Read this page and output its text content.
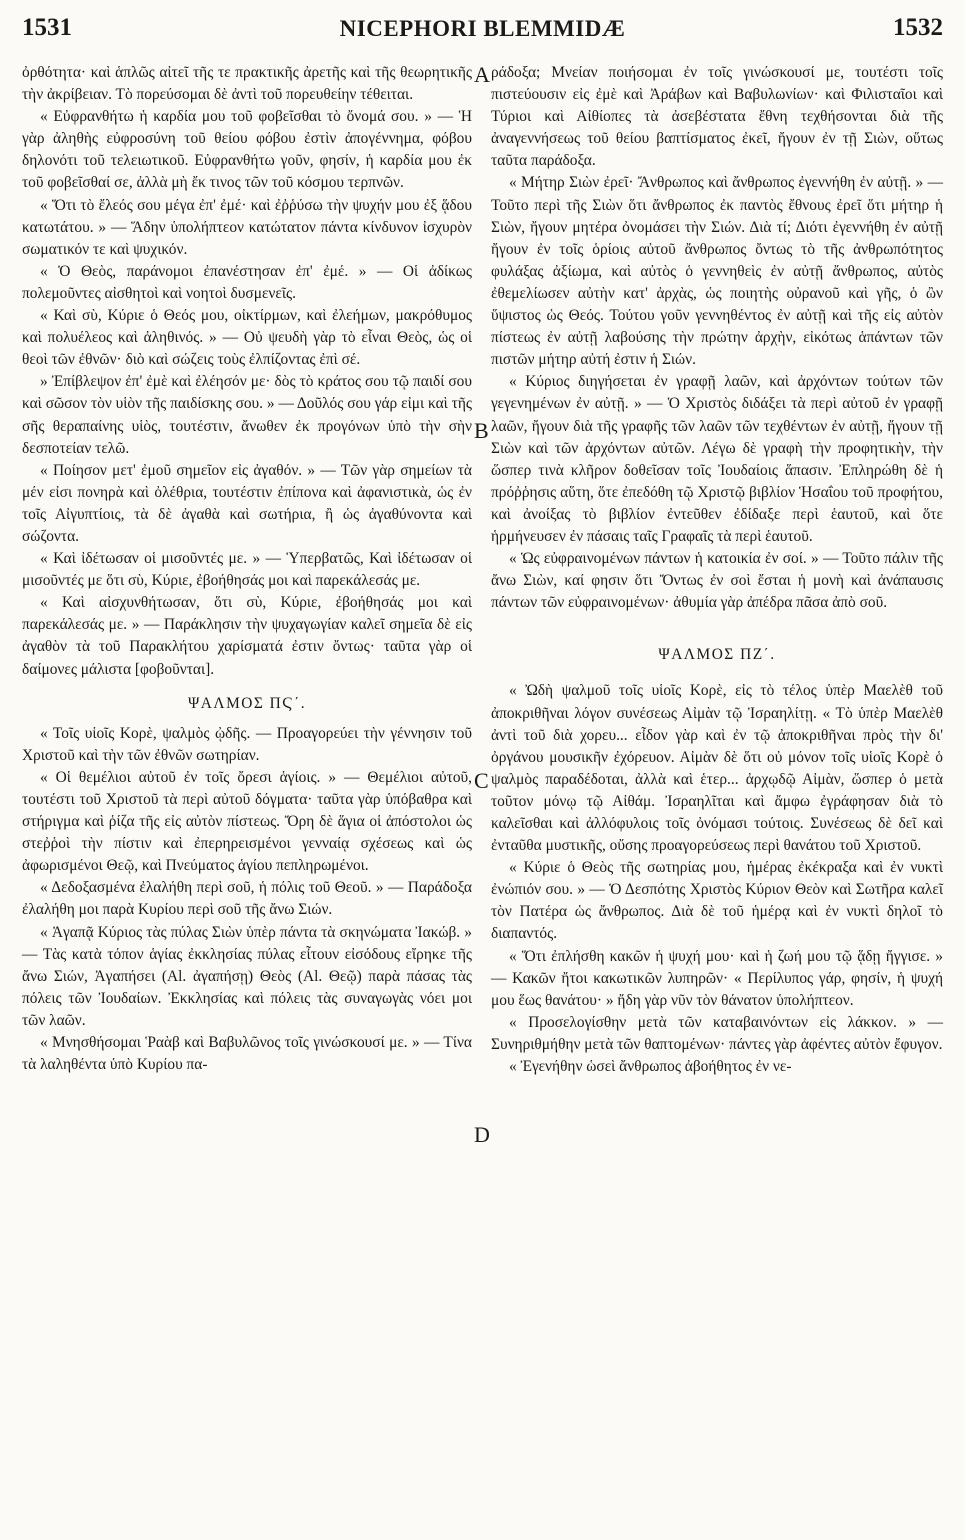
1531	NICEPHORI BLEMMIDÆ	1532
A
B
C
D

ὀρθότητα· καὶ ἁπλῶς αἰτεῖ τῆς τε πρακτικῆς ἀρετῆς καὶ τῆς θεωρητικῆς τὴν ἀκρίβειαν. Τὸ πορεύσομαι δὲ ἀντὶ τοῦ πορευθείην τέθειται.

« Εὐφρανθήτω ἡ καρδία μου τοῦ φοβεῖσθαι τὸ ὄνομά σου. » — Ἡ γὰρ ἀληθὴς εὐφροσύνη τοῦ θείου φόβου ἐστὶν ἀπογέννημα, φόβου δηλονότι τοῦ τελειωτικοῦ. Εὐφρανθήτω γοῦν, φησίν, ἡ καρδία μου ἐκ τοῦ φοβεῖσθαί σε, ἀλλὰ μὴ ἔκ τινος τῶν τοῦ κόσμου τερπνῶν.

« Ὅτι τὸ ἔλεός σου μέγα ἐπ' ἐμέ· καὶ ἐῤῥύσω τὴν ψυχήν μου ἐξ ᾅδου κατωτάτου. » — Ἅδην ὑπολήπτεον κατώτατον πάντα κίνδυνον ἰσχυρὸν σωματικόν τε καὶ ψυχικόν.

« Ὁ Θεὸς, παράνομοι ἐπανέστησαν ἐπ' ἐμέ. » — Οἱ ἀδίκως πολεμοῦντες αἰσθητοὶ καὶ νοητοὶ δυσμενεῖς.

« Καὶ σὺ, Κύριε ὁ Θεός μου, οἰκτίρμων, καὶ ἐλεήμων, μακρόθυμος καὶ πολυέλεος καὶ ἀληθινός. » — Οὐ ψευδὴ γὰρ τὸ εἶναι Θεὸς, ὡς οἱ θεοὶ τῶν ἐθνῶν· διὸ καὶ σώζεις τοὺς ἐλπίζοντας ἐπὶ σέ.

» Ἐπίβλεψον ἐπ' ἐμὲ καὶ ἐλέησόν με· δὸς τὸ κράτος σου τῷ παιδί σου καὶ σῶσον τὸν υἱὸν τῆς παιδίσκης σου. » — Δοῦλός σου γάρ εἰμι καὶ τῆς σῆς θεραπαίνης υἱὸς, τουτέστιν, ἄνωθεν ἐκ προγόνων ὑπὸ τὴν σὴν δεσποτείαν τελῶ.

« Ποίησον μετ' ἐμοῦ σημεῖον εἰς ἀγαθόν. » — Τῶν γὰρ σημείων τὰ μέν εἰσι πονηρὰ καὶ ὀλέθρια, τουτέστιν ἐπίπονα καὶ ἀφανιστικὰ, ὡς ἐν τοῖς Αἰγυπτίοις, τὰ δὲ ἀγαθὰ καὶ σωτήρια, ἢ ὡς ἀγαθύνοντα καὶ σώζοντα.

« Καὶ ἰδέτωσαν οἱ μισοῦντές με. » — Ὑπερβατῶς, Καὶ ἰδέτωσαν οἱ μισοῦντές με ὅτι σὺ, Κύριε, ἐβοήθησάς μοι καὶ παρεκάλεσάς με.

« Καὶ αἰσχυνθήτωσαν, ὅτι σὺ, Κύριε, ἐβοήθησάς μοι καὶ παρεκάλεσάς με. » — Παράκλησιν τὴν ψυχαγωγίαν καλεῖ σημεῖα δὲ εἰς ἀγαθὸν τὰ τοῦ Παρακλήτου χαρίσματά ἐστιν ὄντως· ταῦτα γὰρ οἱ δαίμονες μάλιστα [φοβοῦνται].

ΨΑΛΜΟΣ ΠϚ΄.

« Τοῖς υἱοῖς Κορὲ, ψαλμὸς ᾠδῆς. — Προαγορεύει τὴν γέννησιν τοῦ Χριστοῦ καὶ τὴν τῶν ἐθνῶν σωτηρίαν.

« Οἱ θεμέλιοι αὐτοῦ ἐν τοῖς ὄρεσι ἁγίοις. » — Θεμέλιοι αὐτοῦ, τουτέστι τοῦ Χριστοῦ τὰ περὶ αὐτοῦ δόγματα· ταῦτα γὰρ ὑπόβαθρα καὶ στήριγμα καὶ ῥίζα τῆς εἰς αὐτὸν πίστεως. Ὄρη δὲ ἅγια οἱ ἀπόστολοι ὡς στεῤῥοὶ τὴν πίστιν καὶ ἐπερηρεισμένοι γενναίᾳ σχέσεως καὶ ὡς ἀφωρισμένοι Θεῷ, καὶ Πνεύματος ἁγίου πεπληρωμένοι.

« Δεδοξασμένα ἐλαλήθη περὶ σοῦ, ἡ πόλις τοῦ Θεοῦ. » — Παράδοξα ἐλαλήθη μοι παρὰ Κυρίου περὶ σοῦ τῆς ἄνω Σιών.

« Ἀγαπᾷ Κύριος τὰς πύλας Σιὼν ὑπὲρ πάντα τὰ σκηνώματα Ἰακώβ. » — Τὰς κατὰ τόπον ἁγίας ἐκκλησίας πύλας εἶτουν εἰσόδους εἴρηκε τῆς ἄνω Σιών, Ἀγαπήσει (Al. ἀγαπήσῃ) Θεὸς (Al. Θεῷ) παρὰ πάσας τὰς πόλεις τῶν Ἰουδαίων. Ἐκκλησίας καὶ πόλεις τὰς συναγωγὰς νόει μοι τῶν λαῶν.

« Μνησθήσομαι Ῥαὰβ καὶ Βαβυλῶνος τοῖς γινώσκουσί με. » — Τίνα τὰ λαληθέντα ὑπὸ Κυρίου πα-

ράδοξα; Μνείαν ποιήσομαι ἐν τοῖς γινώσκουσί με, τουτέστι τοῖς πιστεύουσιν εἰς ἐμὲ καὶ Ἀράβων καὶ Βαβυλωνίων· καὶ Φιλισταῖοι καὶ Τύριοι καὶ Αἰθίοπες τὰ ἀσεβέστατα ἔθνη τεχθήσονται διὰ τῆς ἀναγεννήσεως τοῦ θείου βαπτίσματος ἐκεῖ, ἤγουν ἐν τῇ Σιὼν, οὕτως ταῦτα παράδοξα.

« Μήτηρ Σιὼν ἐρεῖ· Ἄνθρωπος καὶ ἄνθρωπος ἐγεννήθη ἐν αὐτῇ. » — Τοῦτο περὶ τῆς Σιὼν ὅτι ἄνθρωπος ἐκ παντὸς ἔθνους ἐρεῖ ὅτι μήτηρ ἡ Σιὼν, ἤγουν μητέρα ὀνομάσει τὴν Σιών. Διὰ τί; Διότι ἐγεννήθη ἐν αὐτῇ ἤγουν ἐν τοῖς ὁρίοις αὐτοῦ ἄνθρωπος ὄντως τὸ τῆς ἀνθρωπότητος φυλάξας ἀξίωμα, καὶ αὐτὸς ὁ γεννηθεὶς ἐν αὐτῇ ἄνθρωπος, αὐτὸς ἐθεμελίωσεν αὐτὴν κατ' ἀρχὰς, ὡς ποιητὴς οὐρανοῦ καὶ γῆς, ὁ ὢν ὕψιστος ὡς Θεός. Τούτου γοῦν γεννηθέντος ἐν αὐτῇ καὶ τῆς εἰς αὐτὸν πίστεως ἐν αὐτῇ λαβούσης τὴν πρώτην ἀρχὴν, εἰκότως ἁπάντων τῶν πιστῶν μήτηρ αὐτή ἐστιν ἡ Σιών.

« Κύριος διηγήσεται ἐν γραφῇ λαῶν, καὶ ἀρχόντων τούτων τῶν γεγενημένων ἐν αὐτῇ. » — Ὁ Χριστὸς διδάξει τὰ περὶ αὐτοῦ ἐν γραφῇ λαῶν, ἤγουν διὰ τῆς γραφῆς τῶν λαῶν τῶν τεχθέντων ἐν αὐτῇ, ἤγουν τῇ Σιὼν καὶ τῶν ἀρχόντων αὐτῶν. Λέγω δὲ γραφὴ τὴν προφητικὴν, τὴν ὥσπερ τινὰ κλῆρον δοθεῖσαν τοῖς Ἰουδαίοις ἅπασιν. Ἐπληρώθη δὲ ἡ πρόῤῥησις αὕτη, ὅτε ἐπεδόθη τῷ Χριστῷ βιβλίον Ἡσαΐου τοῦ προφήτου, καὶ ἀνοίξας τὸ βιβλίον ἐντεῦθεν ἐδίδαξε περὶ ἑαυτοῦ, καὶ ὅτε ἡρμήνευσεν ἐν πάσαις ταῖς Γραφαῖς τὰ περὶ ἑαυτοῦ.

« Ὡς εὐφραινομένων πάντων ἡ κατοικία ἐν σοί. » — Τοῦτο πάλιν τῆς ἄνω Σιὼν, καί φησιν ὅτι Ὄντως ἐν σοὶ ἔσται ἡ μονὴ καὶ ἀνάπαυσις πάντων τῶν εὐφραινομένων· ἀθυμία γὰρ ἀπέδρα πᾶσα ἀπὸ σοῦ.

ΨΑΛΜΟΣ ΠΖ΄.

« Ὠδὴ ψαλμοῦ τοῖς υἱοῖς Κορὲ, εἰς τὸ τέλος ὑπὲρ Μαελὲθ τοῦ ἀποκριθῆναι λόγον συνέσεως Αἰμὰν τῷ Ἰσραηλίτῃ. « Τὸ ὑπὲρ Μαελὲθ ἀντὶ τοῦ διὰ χορευ... εἶδον γὰρ καὶ ἐν τῷ ἀποκριθῆναι πρὸς τὴν δι' ὀργάνου μουσικῆν ἐχόρευον. Αἰμὰν δὲ ὅτι οὐ μόνον τοῖς υἱοῖς Κορὲ ὁ ψαλμὸς παραδέδοται, ἀλλὰ καὶ ἑτερ... ἀρχῳδῷ Αἰμὰν, ὥσπερ ὁ μετὰ τοῦτον μόνῳ τῷ Αἰθάμ. Ἰσραηλῖται καὶ ἄμφω ἐγράφησαν διὰ τὸ καλεῖσθαι καὶ ἀλλόφυλοις τοῖς ὀνόμασι τούτοις. Συνέσεως δὲ δεῖ καὶ ἐνταῦθα μυστικῆς, οὔσης προαγορεύσεως περὶ θανάτου τοῦ Χριστοῦ.

« Κύριε ὁ Θεὸς τῆς σωτηρίας μου, ἡμέρας ἐκέκραξα καὶ ἐν νυκτὶ ἐνώπιόν σου. » — Ὁ Δεσπότης Χριστὸς Κύριον Θεὸν καὶ Σωτῆρα καλεῖ τὸν Πατέρα ὡς ἄνθρωπος. Διὰ δὲ τοῦ ἡμέρᾳ καὶ ἐν νυκτὶ δηλοῖ τὸ διαπαντός.

« Ὅτι ἐπλήσθη κακῶν ἡ ψυχή μου· καὶ ἡ ζωή μου τῷ ᾅδῃ ἤγγισε. » — Κακῶν ἤτοι κακωτικῶν λυπηρῶν· « Περίλυπος γάρ, φησίν, ἡ ψυχή μου ἕως θανάτου· » ἤδη γὰρ νῦν τὸν θάνατον ὑπολήπτεον.

« Προσελογίσθην μετὰ τῶν καταβαινόντων εἰς λάκκον. » — Συνηριθμήθην μετὰ τῶν θαπτομένων· πάντες γὰρ ἀφέντες αὐτὸν ἔφυγον.

« Ἐγενήθην ὡσεὶ ἄνθρωπος ἀβοήθητος ἐν νε-
